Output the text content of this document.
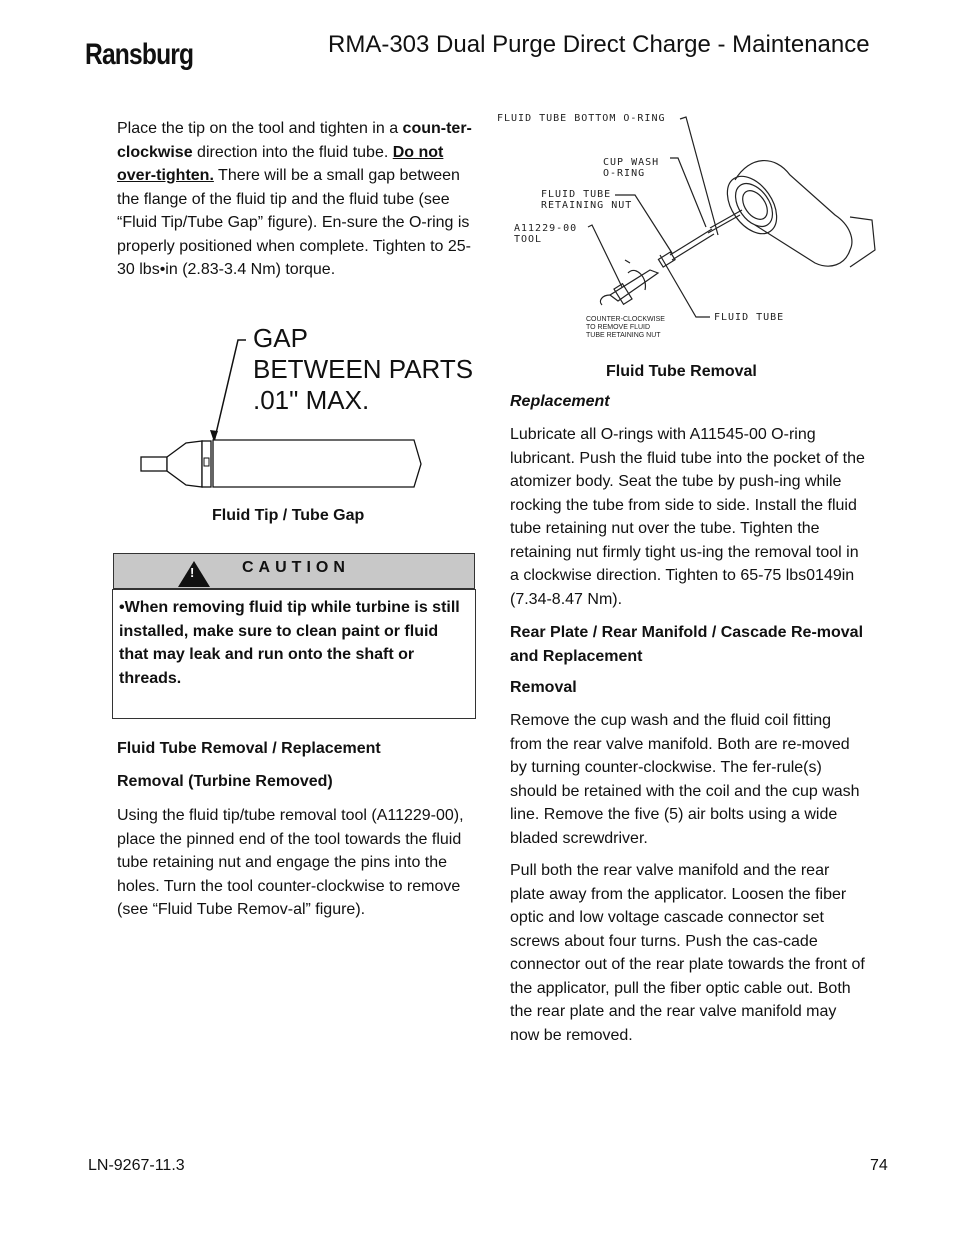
Ransburg	RMA-303 Dual Purge Direct Charge - Maintenance
Place the tip on the tool and tighten in a coun-ter-clockwise direction into the fluid tube. Do not over-tighten. There will be a small gap between the flange of the fluid tip and the fluid tube (see “Fluid Tip/Tube Gap” figure). En-sure the O-ring is properly positioned when complete. Tighten to 25-30 lbs•in (2.83-3.4 Nm) torque.
GAP
BETWEEN PARTS
.01" MAX.
Fluid Tip / Tube Gap
!	CAUTION
•When removing fluid tip while turbine is still installed, make sure to clean paint or fluid that may leak and run onto the shaft or threads.
Fluid Tube Removal / Replacement
Removal (Turbine Removed)
Using the fluid tip/tube removal tool (A11229-00), place the pinned end of the tool towards the fluid tube retaining nut and engage the pins into the holes. Turn the tool counter-clockwise to remove (see “Fluid Tube Remov-al” figure).
FLUID TUBE BOTTOM O-RING
CUP WASH
O-RING
FLUID TUBE
RETAINING NUT
A11229-00
TOOL
COUNTER-CLOCKWISE
TO REMOVE FLUID
TUBE RETAINING NUT
FLUID TUBE
Fluid Tube Removal
Replacement
Lubricate all O-rings with A11545-00 O-ring lubricant. Push the fluid tube into the pocket of the atomizer body. Seat the tube by push-ing while rocking the tube from side to side. Install the fluid tube retaining nut over the tube. Tighten the retaining nut firmly tight us-ing the removal tool in a clockwise direction. Tighten to 65-75 lbs0149in (7.34-8.47 Nm).
Rear Plate / Rear Manifold / Cascade Re-moval and Replacement
Removal
Remove the cup wash and the fluid coil fitting from the rear valve manifold. Both are re-moved by turning counter-clockwise. The fer-rule(s) should be retained with the coil and the cup wash line. Remove the five (5) air bolts using a wide bladed screwdriver.
Pull both the rear valve manifold and the rear plate away from the applicator. Loosen the fiber optic and low voltage cascade connector set screws about four turns. Push the cas-cade connector out of the rear plate towards the front of the applicator, pull the fiber optic cable out. Both the rear plate and the rear valve manifold may now be removed.
LN-9267-11.3	74
